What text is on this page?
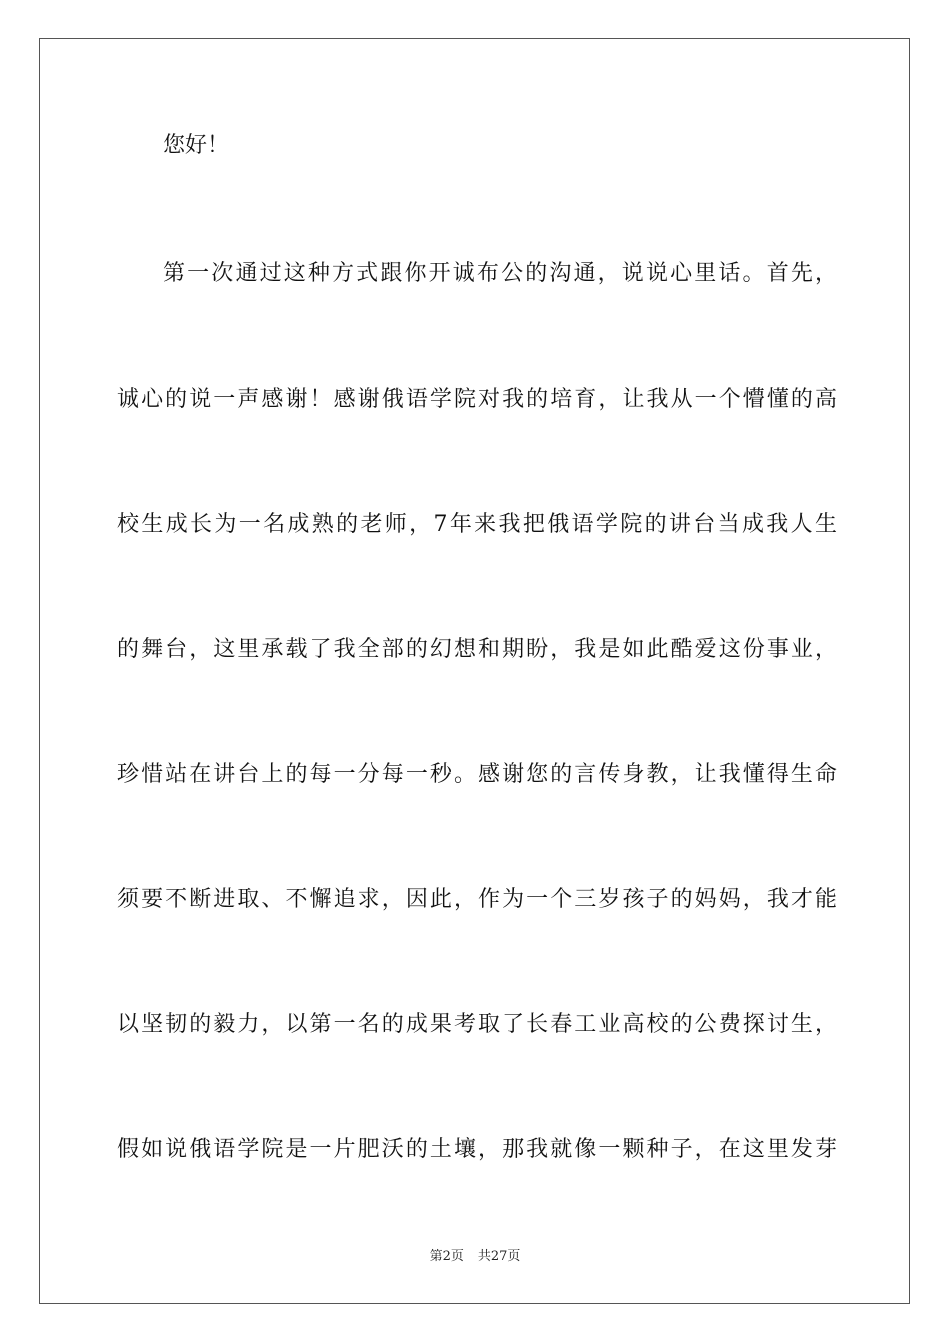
您好！
第一次通过这种方式跟你开诚布公的沟通，说说心里话。首先，
诚心的说一声感谢！感谢俄语学院对我的培育，让我从一个懵懂的高
校生成长为一名成熟的老师，7年来我把俄语学院的讲台当成我人生
的舞台，这里承载了我全部的幻想和期盼，我是如此酷爱这份事业，
珍惜站在讲台上的每一分每一秒。感谢您的言传身教，让我懂得生命
须要不断进取、不懈追求，因此，作为一个三岁孩子的妈妈，我才能
以坚韧的毅力，以第一名的成果考取了长春工业高校的公费探讨生，
假如说俄语学院是一片肥沃的土壤，那我就像一颗种子，在这里发芽
第2页 共27页
